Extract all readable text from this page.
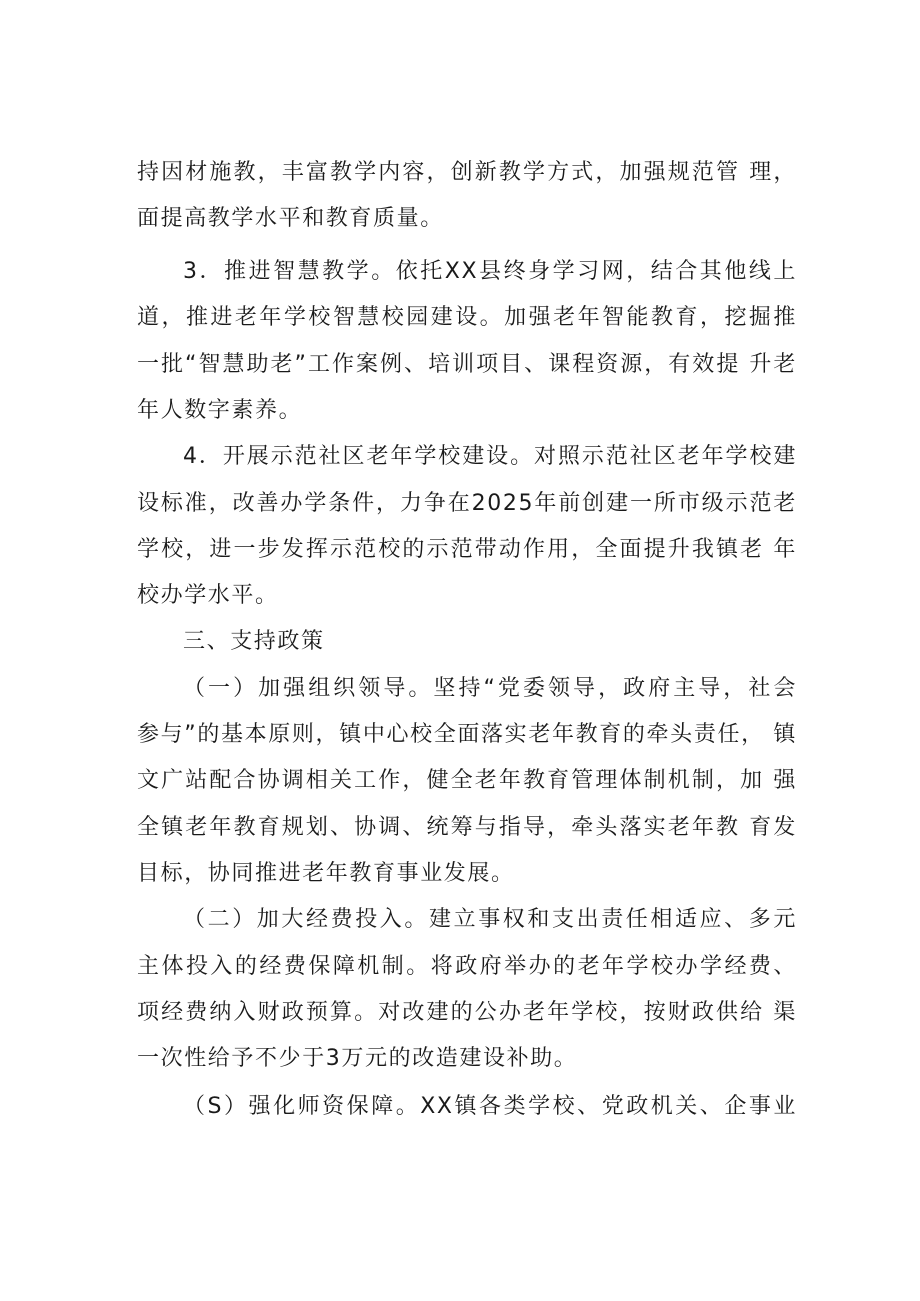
持因材施教，丰富教学内容，创新教学方式，加强规范管 理，
面提高教学水平和教育质量。
3．推进智慧教学。依托XX县终身学习网，结合其他线上
道，推进老年学校智慧校园建设。加强老年智能教育，挖掘推
一批“智慧助老”工作案例、培训项目、课程资源，有效提 升老
年人数字素养。
4．开展示范社区老年学校建设。对照示范社区老年学校建
设标准，改善办学条件，力争在2025年前创建一所市级示范老
学校，进一步发挥示范校的示范带动作用，全面提升我镇老 年
校办学水平。
三、支持政策
（一）加强组织领导。坚持“党委领导，政府主导，社会
参与”的基本原则，镇中心校全面落实老年教育的牵头责任， 镇
文广站配合协调相关工作，健全老年教育管理体制机制，加 强
全镇老年教育规划、协调、统筹与指导，牵头落实老年教 育发
目标，协同推进老年教育事业发展。
（二）加大经费投入。建立事权和支出责任相适应、多元
主体投入的经费保障机制。将政府举办的老年学校办学经费、
项经费纳入财政预算。对改建的公办老年学校，按财政供给 渠
一次性给予不少于3万元的改造建设补助。
（S）强化师资保障。XX镇各类学校、党政机关、企事业
